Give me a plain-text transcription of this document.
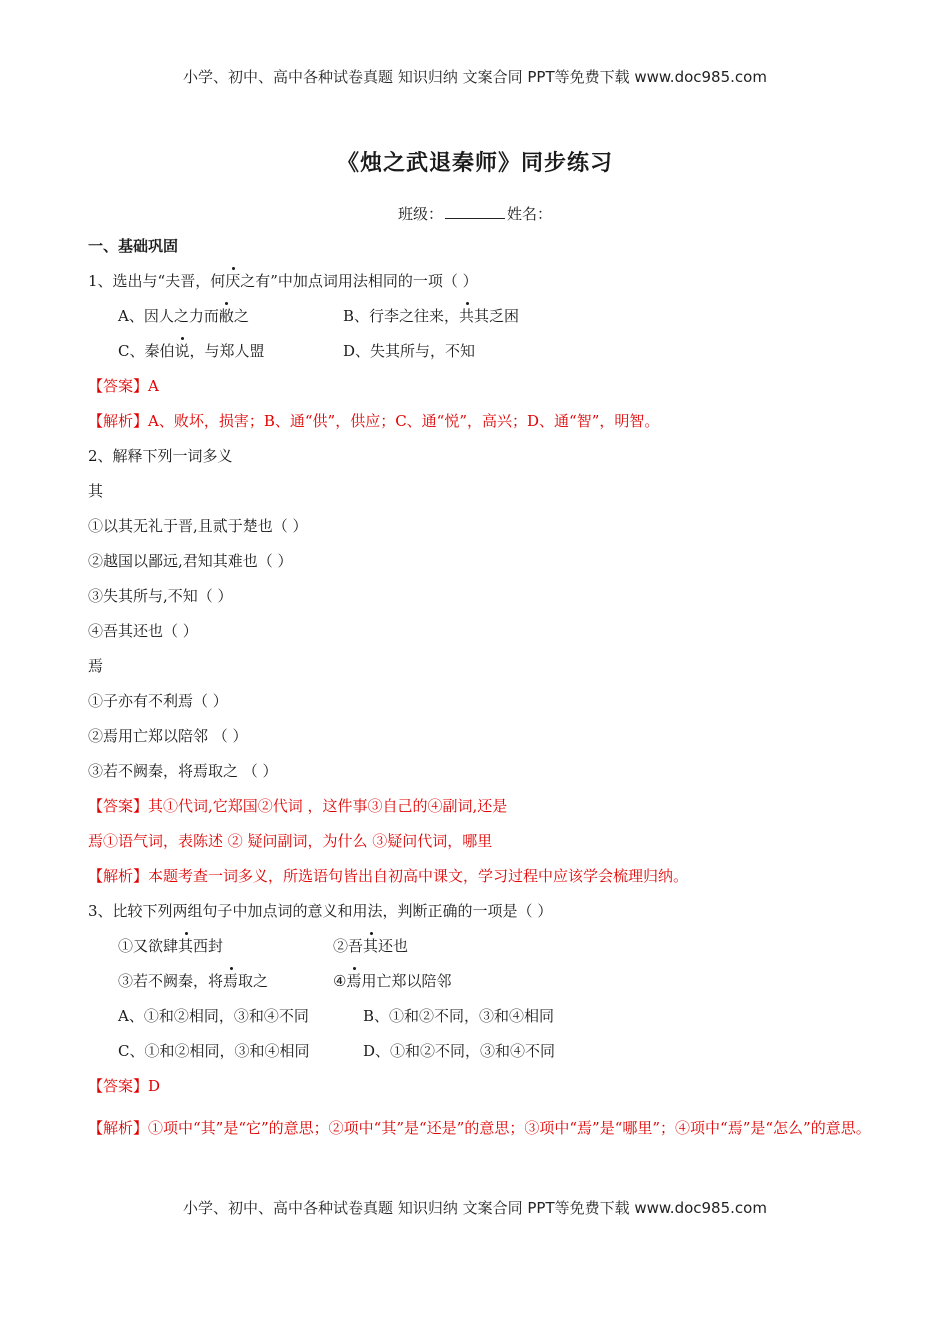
小学、初中、高中各种试卷真题 知识归纳 文案合同 PPT等免费下载 www.doc985.com
《烛之武退秦师》同步练习
班级：	姓名：
一、基础巩固
1、选出与“夫晋，何厌之有”中加点词用法相同的一项（ ）
A、因人之力而敝之	B、行李之往来，共其乏困
C、秦伯说，与郑人盟	D、失其所与，不知
【答案】A
【解析】A、败坏，损害；B、通“供”，供应；C、通“悦”，高兴；D、通“智”，明智。
2、解释下列一词多义
其
①以其无礼于晋,且贰于楚也（ ）
②越国以鄙远,君知其难也（ ）
③失其所与,不知（ ）
④吾其还也（ ）
焉
①子亦有不利焉（ ）
②焉用亡郑以陪邻 （ ）
③若不阙秦，将焉取之 （ ）
【答案】其①代词,它郑国②代词 ，这件事③自己的④副词,还是
焉①语气词，表陈述 ② 疑问副词，为什么 ③疑问代词，哪里
【解析】本题考查一词多义，所选语句皆出自初高中课文，学习过程中应该学会梳理归纳。
3、比较下列两组句子中加点词的意义和用法，判断正确的一项是（ ）
①又欲肆其西封	②吾其还也
③若不阙秦，将焉取之	④焉用亡郑以陪邻
A、①和②相同，③和④不同	B、①和②不同，③和④相同
C、①和②相同，③和④相同	D、①和②不同，③和④不同
【答案】D
【解析】①项中“其”是“它”的意思；②项中“其”是“还是”的意思；③项中“焉”是“哪里”；④项中“焉”是“怎么”的意思。
小学、初中、高中各种试卷真题 知识归纳 文案合同 PPT等免费下载 www.doc985.com
